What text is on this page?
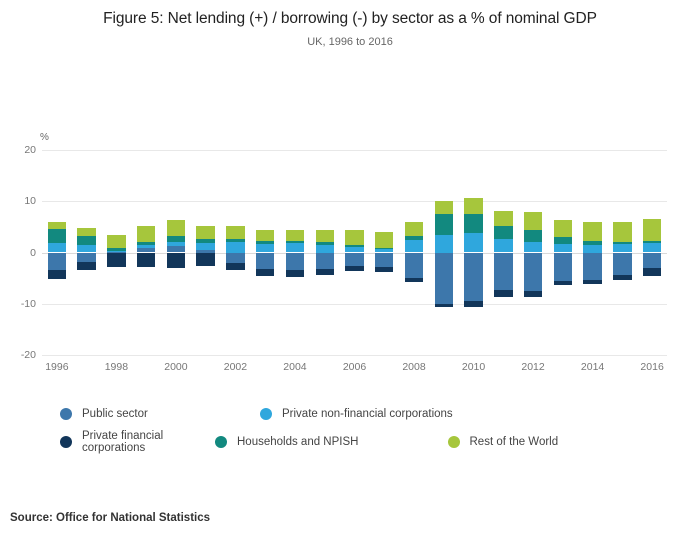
Figure 5: Net lending (+) / borrowing (-) by sector as a % of nominal GDP
UK, 1996 to 2016
%
-20
-10
0
10
20
1996	1998	2000	2002	2004	2006	2008	2010	2012	2014	2016
Public sector	Private non-financial corporations
Private financial corporations	Households and NPISH	Rest of the World
Source: Office for National Statistics
